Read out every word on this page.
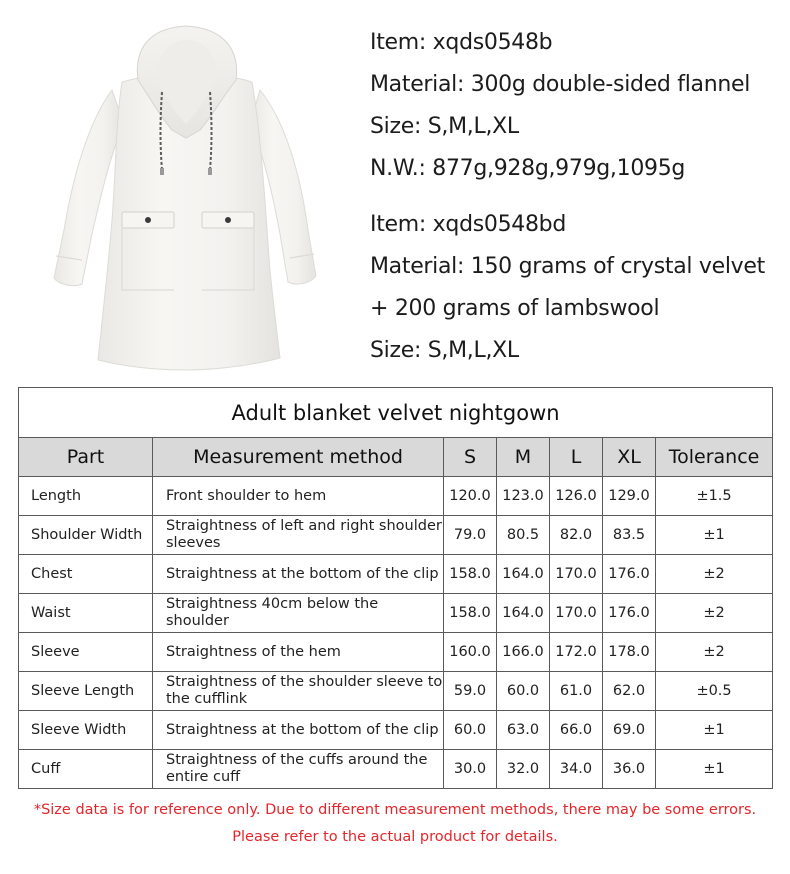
Item: xqds0548b
Material: 300g double-sided flannel
Size: S,M,L,XL
N.W.: 877g,928g,979g,1095g
Item: xqds0548bd
Material: 150 grams of crystal velvet
+ 200 grams of lambswool
Size: S,M,L,XL
Adult blanket velvet nightgown						
Part	Measurement method	S	M	L	XL	Tolerance
Length	Front shoulder to hem	120.0	123.0	126.0	129.0	±1.5
Shoulder Width	Straightness of left and right shoulder sleeves	79.0	80.5	82.0	83.5	±1
Chest	Straightness at the bottom of the clip	158.0	164.0	170.0	176.0	±2
Waist	Straightness 40cm below the shoulder	158.0	164.0	170.0	176.0	±2
Sleeve	Straightness of the hem	160.0	166.0	172.0	178.0	±2
Sleeve Length	Straightness of the shoulder sleeve to the cufflink	59.0	60.0	61.0	62.0	±0.5
Sleeve Width	Straightness at the bottom of the clip	60.0	63.0	66.0	69.0	±1
Cuff	Straightness of the cuffs around the entire cuff	30.0	32.0	34.0	36.0	±1
*Size data is for reference only. Due to different measurement methods, there may be some errors.
Please refer to the actual product for details.
